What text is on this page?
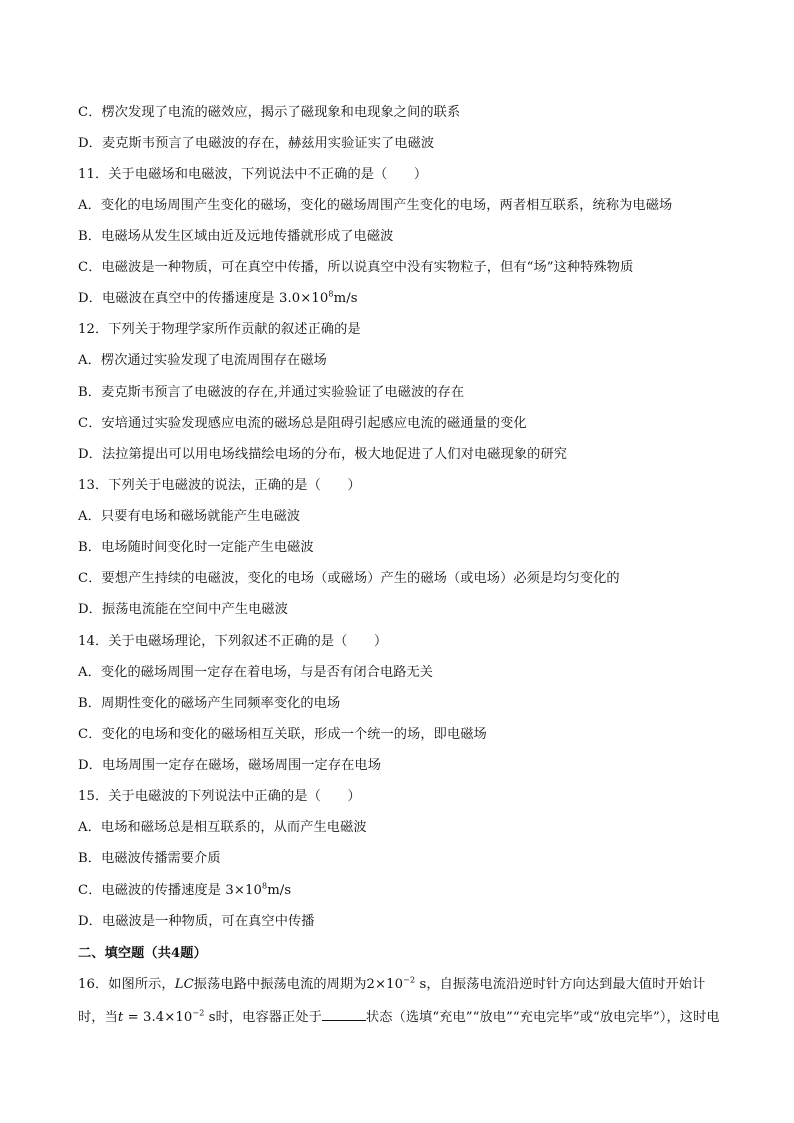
C．楞次发现了电流的磁效应，揭示了磁现象和电现象之间的联系
D．麦克斯韦预言了电磁波的存在，赫兹用实验证实了电磁波
11．关于电磁场和电磁波，下列说法中不正确的是（　　）
A．变化的电场周围产生变化的磁场，变化的磁场周围产生变化的电场，两者相互联系，统称为电磁场
B．电磁场从发生区域由近及远地传播就形成了电磁波
C．电磁波是一种物质，可在真空中传播，所以说真空中没有实物粒子，但有“场”这种特殊物质
D．电磁波在真空中的传播速度是 $3.0\times 10^8m/s$
12．下列关于物理学家所作贡献的叙述正确的是
A．楞次通过实验发现了电流周围存在磁场
B．麦克斯韦预言了电磁波的存在,并通过实验验证了电磁波的存在
C．安培通过实验发现感应电流的磁场总是阻碍引起感应电流的磁通量的变化
D．法拉第提出可以用电场线描绘电场的分布，极大地促进了人们对电磁现象的研究
13．下列关于电磁波的说法，正确的是（　　）
A．只要有电场和磁场就能产生电磁波
B．电场随时间变化时一定能产生电磁波
C．要想产生持续的电磁波，变化的电场（或磁场）产生的磁场（或电场）必须是均匀变化的
D．振荡电流能在空间中产生电磁波
14．关于电磁场理论，下列叙述不正确的是（　　）
A．变化的磁场周围一定存在着电场，与是否有闭合电路无关
B．周期性变化的磁场产生同频率变化的电场
C．变化的电场和变化的磁场相互关联，形成一个统一的场，即电磁场
D．电场周围一定存在磁场，磁场周围一定存在电场
15．关于电磁波的下列说法中正确的是（　　）
A．电场和磁场总是相互联系的，从而产生电磁波
B．电磁波传播需要介质
C．电磁波的传播速度是 $3\times 10^8m/s$
D．电磁波是一种物质，可在真空中传播
二、填空题（共4题）
16．如图所示，LC振荡电路中振荡电流的周期为$2\times 10^{-2}$ s，自振荡电流沿逆时针方向达到最大值时开始计
时，当$t = 3.4\times 10^{-2}$ s时，电容器正处于	状态（选填“充电”“放电”“充电完毕”或“放电完毕”），这时电
